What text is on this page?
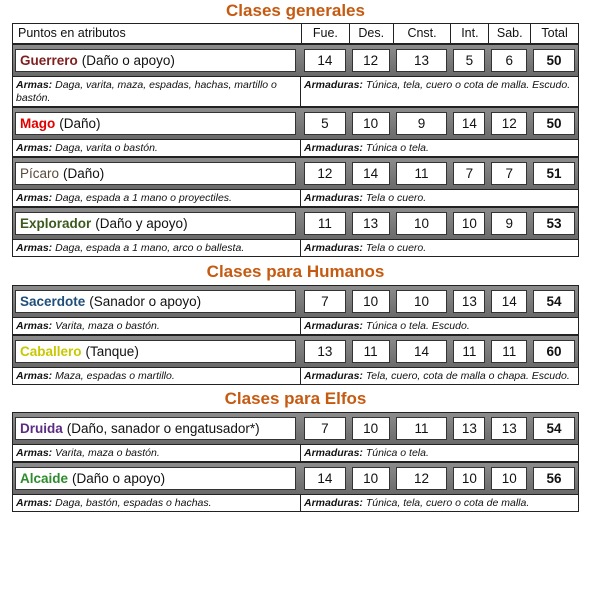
Clases generales
Puntos en atributos	Fue.	Des.	Cnst.	Int.	Sab.	Total
Guerrero (Daño o apoyo)	14	12	13	5	6	50
Armas: Daga, varita, maza, espadas, hachas, martillo o bastón.
Armaduras: Túnica, tela, cuero o cota de malla. Escudo.
Mago (Daño)	5	10	9	14	12	50
Armas: Daga, varita o bastón.	Armaduras: Túnica o tela.
Pícaro (Daño)	12	14	11	7	7	51
Armas: Daga, espada a 1 mano o proyectiles.	Armaduras: Tela o cuero.
Explorador (Daño y apoyo)	11	13	10	10	9	53
Armas: Daga, espada a 1 mano, arco o ballesta.	Armaduras: Tela o cuero.
Clases para Humanos
Sacerdote (Sanador o apoyo)	7	10	10	13	14	54
Armas: Varita, maza o bastón.	Armaduras: Túnica o tela. Escudo.
Caballero (Tanque)	13	11	14	11	11	60
Armas: Maza, espadas o martillo.	Armaduras: Tela, cuero, cota de malla o chapa. Escudo.
Clases para Elfos
Druida (Daño, sanador o engatusador*)	7	10	11	13	13	54
Armas: Varita, maza o bastón.	Armaduras: Túnica o tela.
Alcaide (Daño o apoyo)	14	10	12	10	10	56
Armas: Daga, bastón, espadas o hachas.	Armaduras: Túnica, tela, cuero o cota de malla.
